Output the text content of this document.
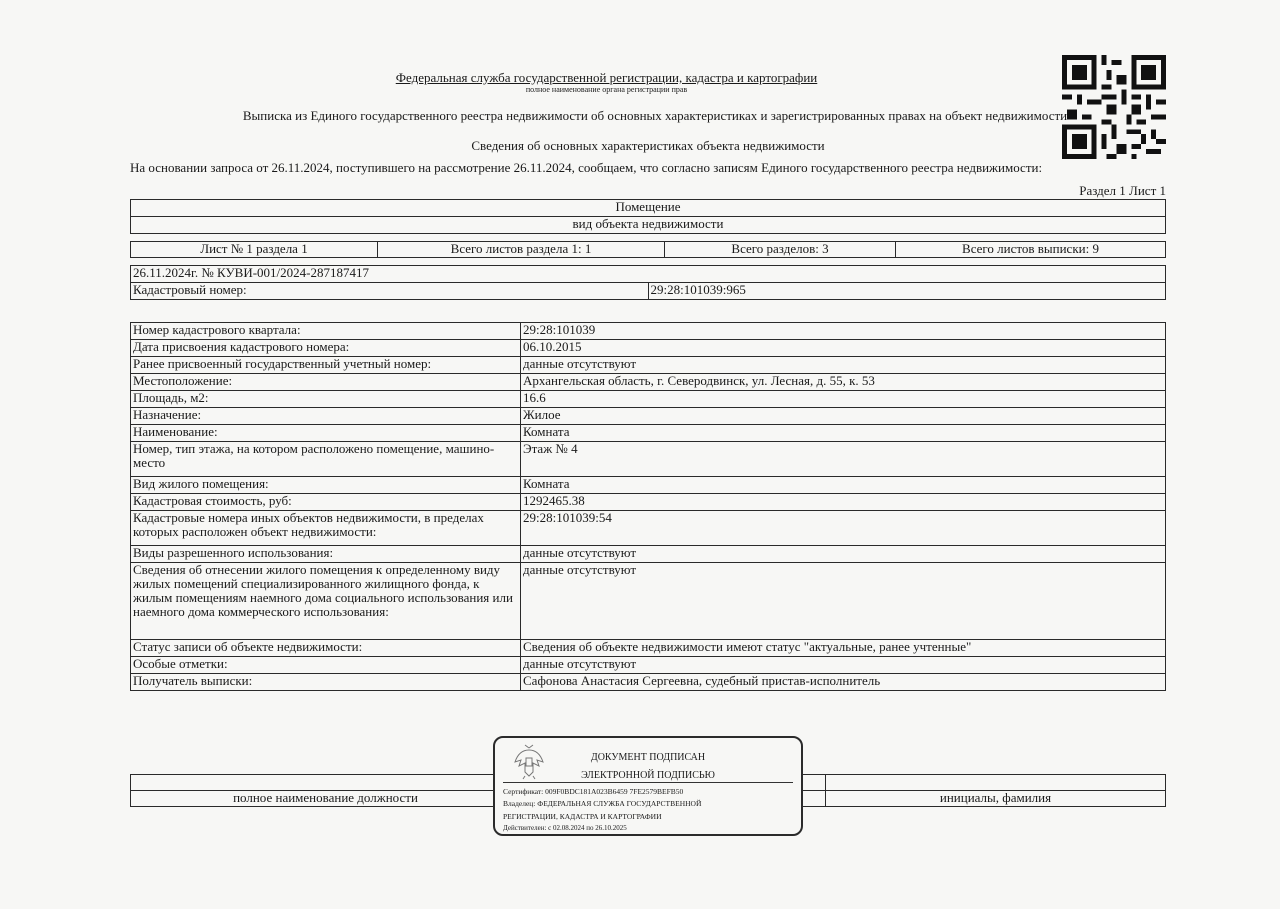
Федеральная служба государственной регистрации, кадастра и картографии
полное наименование органа регистрации прав
Выписка из Единого государственного реестра недвижимости об основных характеристиках и зарегистрированных правах на объект недвижимости
Сведения об основных характеристиках объекта недвижимости
На основании запроса от 26.11.2024, поступившего на рассмотрение 26.11.2024, сообщаем, что согласно записям Единого государственного реестра недвижимости:
Раздел 1 Лист 1
Помещение
вид объекта недвижимости
Лист № 1 раздела 1	Всего листов раздела 1: 1	Всего разделов: 3	Всего листов выписки: 9
26.11.2024г. № КУВИ-001/2024-287187417
Кадастровый номер:	29:28:101039:965
Номер кадастрового квартала:	29:28:101039
Дата присвоения кадастрового номера:	06.10.2015
Ранее присвоенный государственный учетный номер:	данные отсутствуют
Местоположение:	Архангельская область, г. Северодвинск, ул. Лесная, д. 55, к. 53
Площадь, м2:	16.6
Назначение:	Жилое
Наименование:	Комната
Номер, тип этажа, на котором расположено помещение, машино-место	Этаж № 4
Вид жилого помещения:	Комната
Кадастровая стоимость, руб:	1292465.38
Кадастровые номера иных объектов недвижимости, в пределах которых расположен объект недвижимости:	29:28:101039:54
Виды разрешенного использования:	данные отсутствуют
Сведения об отнесении жилого помещения к определенному виду жилых помещений специализированного жилищного фонда, к жилым помещениям наемного дома социального использования или наемного дома коммерческого использования:	данные отсутствуют
Статус записи об объекте недвижимости:	Сведения об объекте недвижимости имеют статус "актуальные, ранее учтенные"
Особые отметки:	данные отсутствуют
Получатель выписки:	Сафонова Анастасия Сергеевна, судебный пристав-исполнитель

полное наименование должности		инициалы, фамилия
ДОКУМЕНТ ПОДПИСАН
ЭЛЕКТРОННОЙ ПОДПИСЬЮ
Сертификат: 009F0BDC181A023B6459 7FE2579BEFB50
Владелец: ФЕДЕРАЛЬНАЯ СЛУЖБА ГОСУДАРСТВЕННОЙ
РЕГИСТРАЦИИ, КАДАСТРА И КАРТОГРАФИИ
Действителен: с 02.08.2024 по 26.10.2025
